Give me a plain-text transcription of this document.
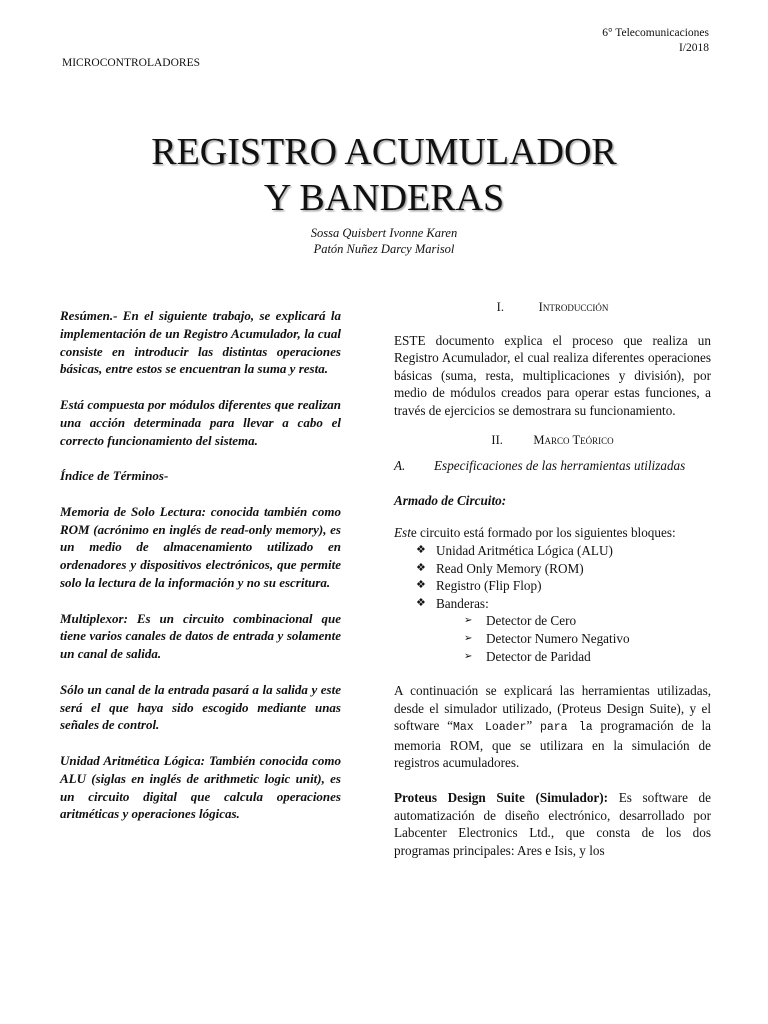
6° Telecomunicaciones
I/2018
MICROCONTROLADORES
REGISTRO ACUMULADOR
Y BANDERAS
Sossa Quisbert Ivonne Karen
Patón Nuñez Darcy Marisol

Resúmen.- En el siguiente trabajo, se explicará la implementación de un Registro Acumulador, la cual consiste en introducir las distintas operaciones básicas, entre estos se encuentran la suma y resta.

Está compuesta por módulos diferentes que realizan una acción determinada para llevar a cabo el correcto funcionamiento del sistema.

Índice de Términos-

Memoria de Solo Lectura: conocida también como ROM (acrónimo en inglés de read-only memory), es un medio de almacenamiento utilizado en ordenadores y dispositivos electrónicos, que permite solo la lectura de la información y no su escritura.

Multiplexor: Es un circuito combinacional que tiene varios canales de datos de entrada y solamente un canal de salida.

Sólo un canal de la entrada pasará a la salida y este será el que haya sido escogido mediante unas señales de control.

Unidad Aritmética Lógica: También conocida como ALU (siglas en inglés de arithmetic logic unit), es un circuito digital que calcula operaciones aritméticas y operaciones lógicas.

I.	Introducción

ESTE documento explica el proceso que realiza un Registro Acumulador, el cual realiza diferentes operaciones básicas (suma, resta, multiplicaciones y división), por medio de módulos creados para operar estas funciones, a través de ejercicios se demostrara su funcionamiento.

II. Marco Teórico
A.	Especificaciones de las herramientas utilizadas

Armado de Circuito:

Este circuito está formado por los siguientes bloques:

❖ Unidad Aritmética Lógica (ALU)
❖ Read Only Memory (ROM)
❖ Registro (Flip Flop)
❖ Banderas:
➢ Detector de Cero
➢ Detector Numero Negativo
➢ Detector de Paridad

A continuación se explicará las herramientas utilizadas, desde el simulador utilizado, (Proteus Design Suite), y el software “Max Loader” para la programación de la memoria ROM, que se utilizara en la simulación de registros acumuladores.

Proteus Design Suite (Simulador): Es software de automatización de diseño electrónico, desarrollado por Labcenter Electronics Ltd., que consta de los dos programas principales: Ares e Isis, y los
